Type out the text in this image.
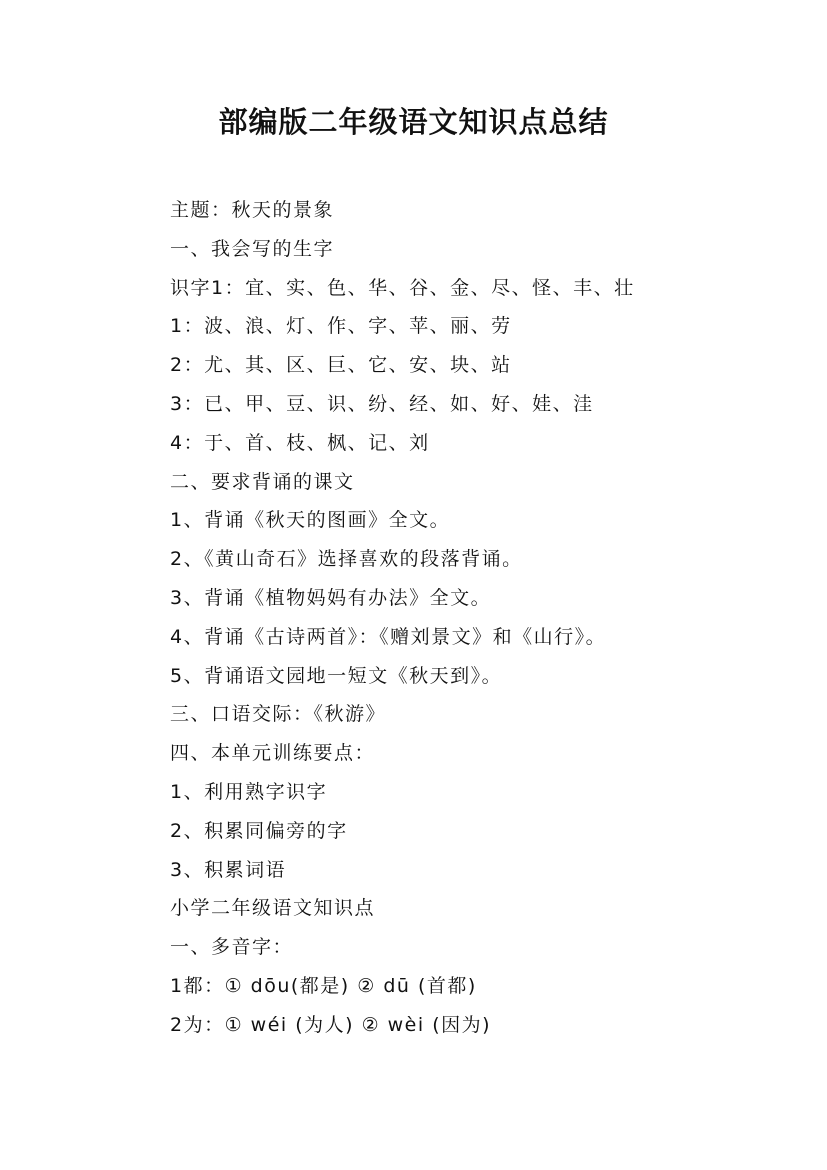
部编版二年级语文知识点总结
主题：秋天的景象
一、我会写的生字
识字1：宜、实、色、华、谷、金、尽、怪、丰、壮
1：波、浪、灯、作、字、苹、丽、劳
2：尤、其、区、巨、它、安、块、站
3：已、甲、豆、识、纷、经、如、好、娃、洼
4：于、首、枝、枫、记、刘
二、要求背诵的课文
1、背诵《秋天的图画》全文。
2、《黄山奇石》选择喜欢的段落背诵。
3、背诵《植物妈妈有办法》全文。
4、背诵《古诗两首》：《赠刘景文》和《山行》。
5、背诵语文园地一短文《秋天到》。
三、口语交际：《秋游》
四、本单元训练要点：
1、利用熟字识字
2、积累同偏旁的字
3、积累词语
小学二年级语文知识点
一、多音字：
1都：① dōu(都是) ② dū (首都)
2为：① wéi (为人) ② wèi (因为)
